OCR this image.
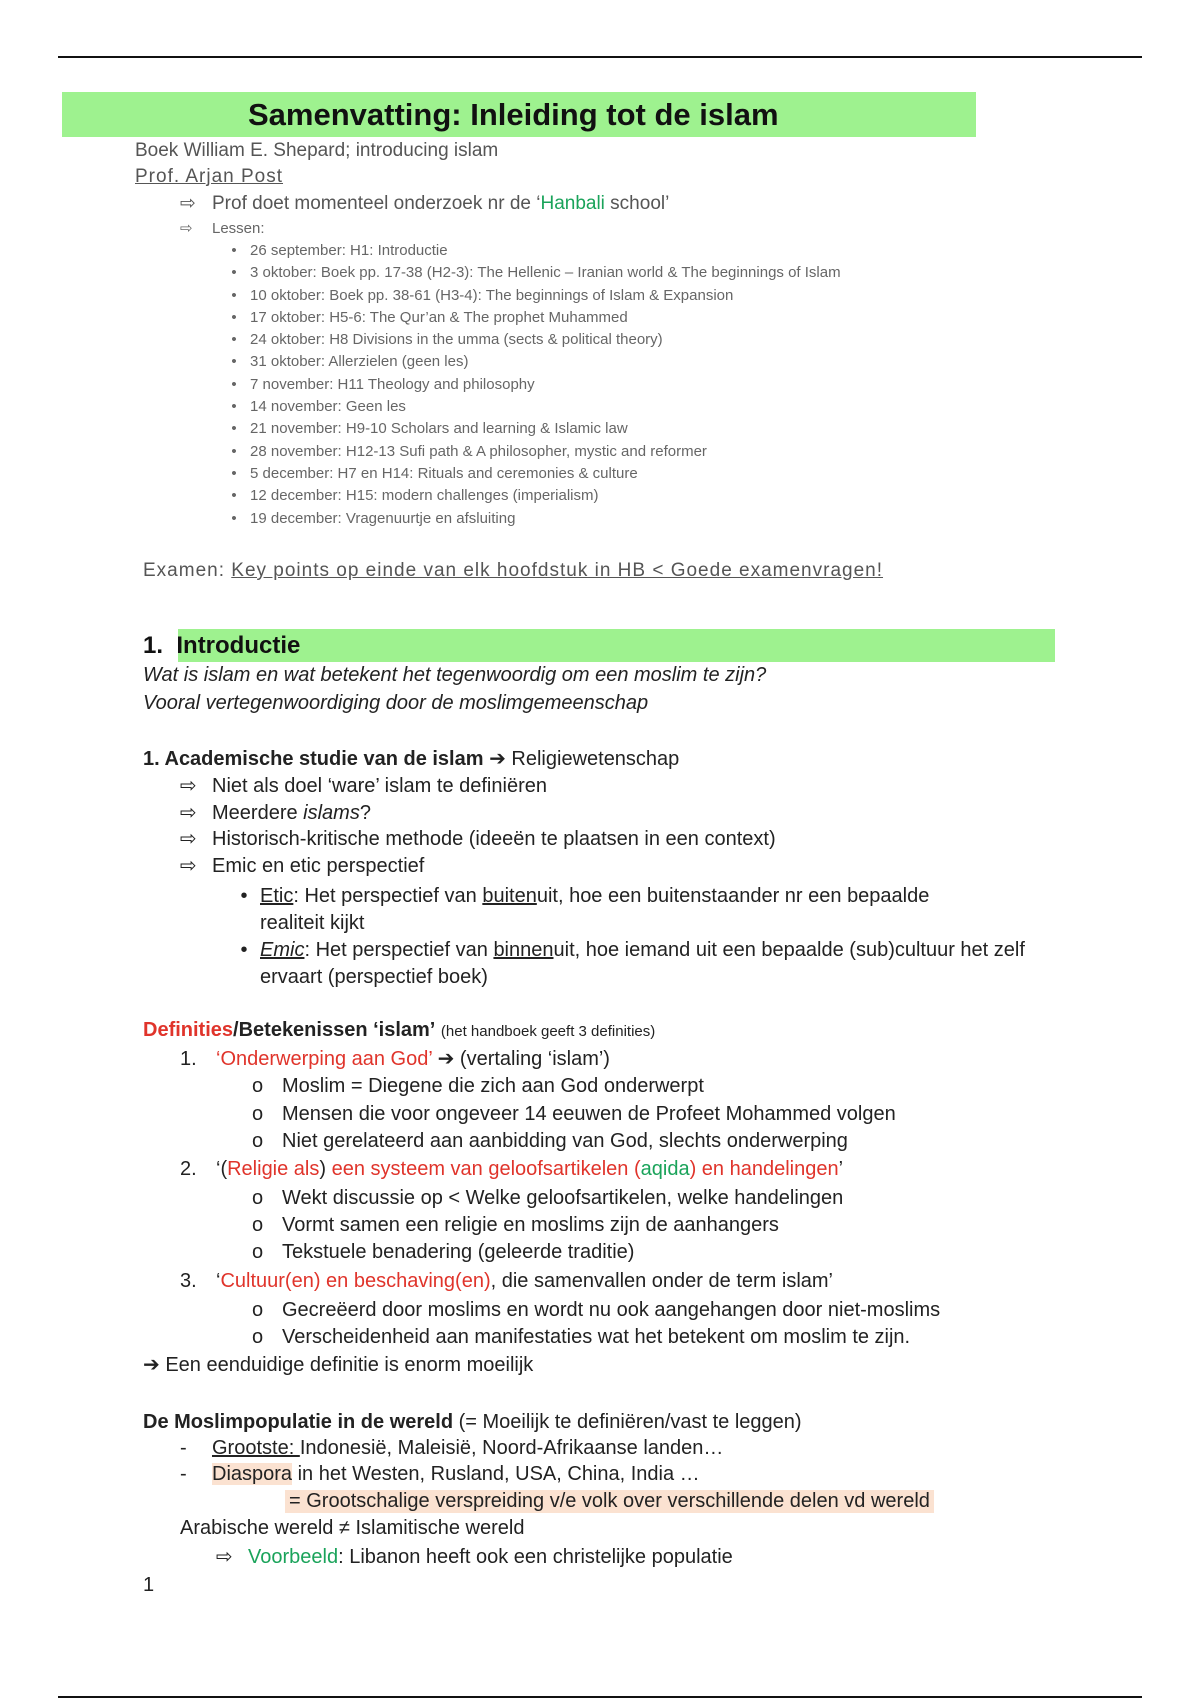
Samenvatting: Inleiding tot de islam
Boek William E. Shepard; introducing islam
Prof. Arjan Post
⇨ Prof doet momenteel onderzoek nr de ‘Hanbali school’
⇨ Lessen:
• 26 september: H1: Introductie
• 3 oktober: Boek pp. 17-38 (H2-3): The Hellenic – Iranian world & The beginnings of Islam
• 10 oktober: Boek pp. 38-61 (H3-4): The beginnings of Islam & Expansion
• 17 oktober: H5-6: The Qur’an & The prophet Muhammed
• 24 oktober: H8 Divisions in the umma (sects & political theory)
• 31 oktober: Allerzielen (geen les)
• 7 november: H11 Theology and philosophy
• 14 november: Geen les
• 21 november: H9-10 Scholars and learning & Islamic law
• 28 november: H12-13 Sufi path & A philosopher, mystic and reformer
• 5 december: H7 en H14: Rituals and ceremonies & culture
• 12 december: H15: modern challenges (imperialism)
• 19 december: Vragenuurtje en afsluiting
Examen: Key points op einde van elk hoofdstuk in HB < Goede examenvragen!
1. Introductie
Wat is islam en wat betekent het tegenwoordig om een moslim te zijn?
Vooral vertegenwoordiging door de moslimgemeenschap
1. Academische studie van de islam ➔ Religiewetenschap
⇨ Niet als doel ‘ware’ islam te definiëren
⇨ Meerdere islams?
⇨ Historisch-kritische methode (ideeën te plaatsen in een context)
⇨ Emic en etic perspectief
• Etic: Het perspectief van buitenuit, hoe een buitenstaander nr een bepaalde
realiteit kijkt
• Emic: Het perspectief van binnenuit, hoe iemand uit een bepaalde (sub)cultuur het zelf
ervaart (perspectief boek)
Definities/Betekenissen ‘islam’ (het handboek geeft 3 definities)
1. ‘Onderwerping aan God’ ➔ (vertaling ‘islam’)
o Moslim = Diegene die zich aan God onderwerpt
o Mensen die voor ongeveer 14 eeuwen de Profeet Mohammed volgen
o Niet gerelateerd aan aanbidding van God, slechts onderwerping
2. ‘(Religie als) een systeem van geloofsartikelen (aqida) en handelingen’
o Wekt discussie op < Welke geloofsartikelen, welke handelingen
o Vormt samen een religie en moslims zijn de aanhangers
o Tekstuele benadering (geleerde traditie)
3. ‘Cultuur(en) en beschaving(en), die samenvallen onder de term islam’
o Gecreëerd door moslims en wordt nu ook aangehangen door niet-moslims
o Verscheidenheid aan manifestaties wat het betekent om moslim te zijn.
➔ Een eenduidige definitie is enorm moeilijk
De Moslimpopulatie in de wereld (= Moeilijk te definiëren/vast te leggen)
- Grootste: Indonesië, Maleisië, Noord-Afrikaanse landen…
- Diaspora in het Westen, Rusland, USA, China, India …
= Grootschalige verspreiding v/e volk over verschillende delen vd wereld
Arabische wereld ≠ Islamitische wereld
⇨ Voorbeeld: Libanon heeft ook een christelijke populatie
1
